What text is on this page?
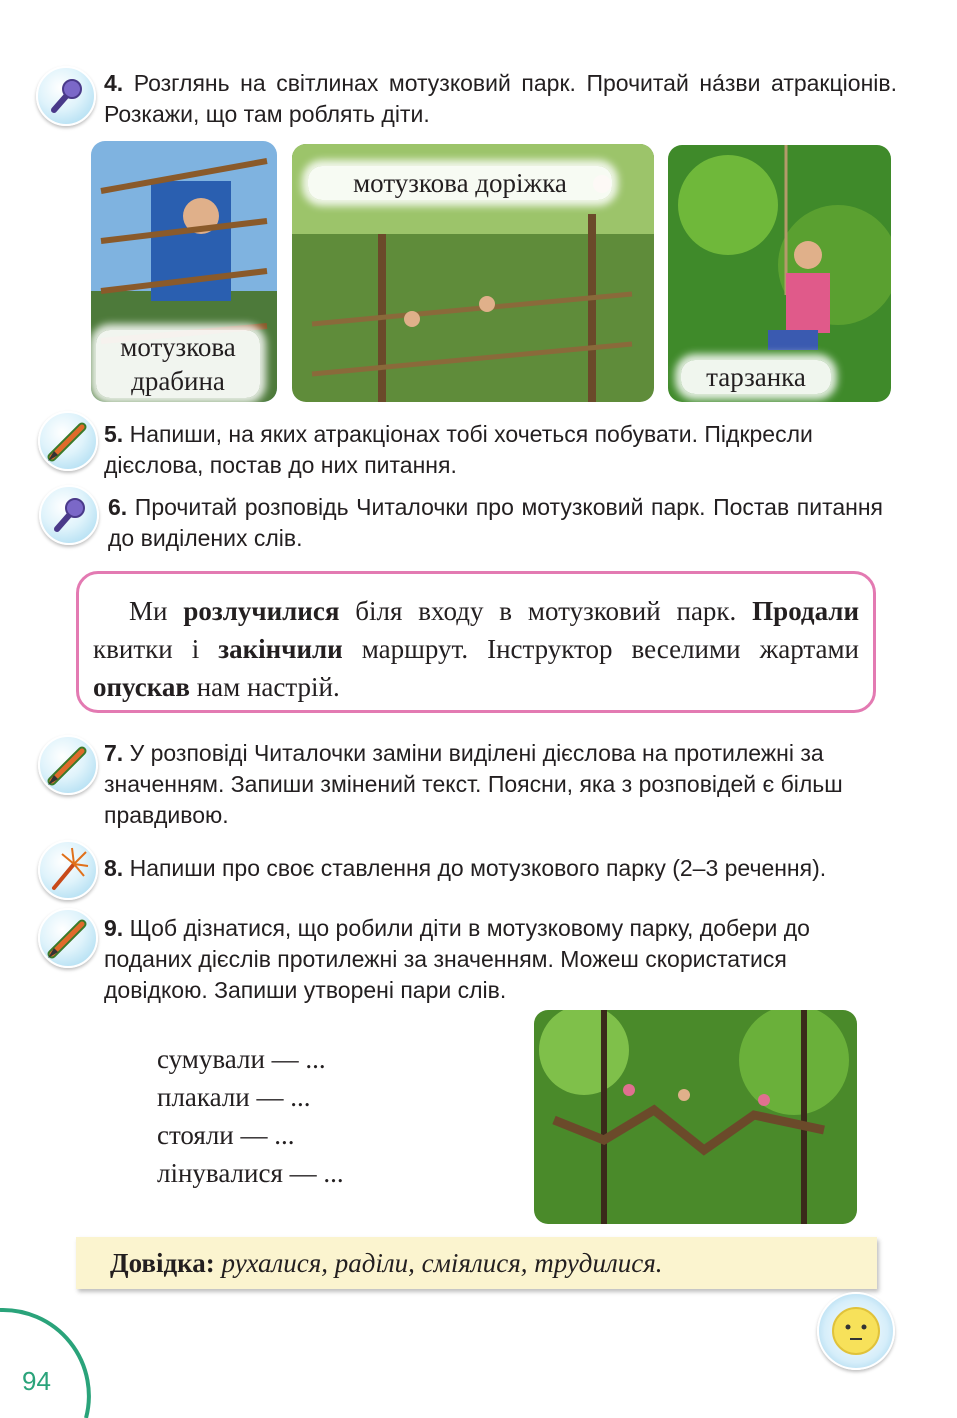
4. Розглянь на світлинах мотузковий парк. Прочитай на́зви атракціонів. Розкажи, що там роблять діти.
мотузкова
драбина
мотузкова доріжка
тарзанка
5. Напиши, на яких атракціонах тобі хочеться побувати. Підкресли дієслова, постав до них питання.
6. Прочитай розповідь Читалочки про мотузковий парк. Постав питання до виділених слів.
Ми розлучилися біля входу в мотузковий парк. Продали квитки і закінчили маршрут. Інструктор веселими жартами опускав нам настрій.
7. У розповіді Читалочки заміни виділені дієслова на протилежні за значенням. Запиши змінений текст. Поясни, яка з розповідей є більш правдивою.
8. Напиши про своє ставлення до мотузкового парку (2–3 речення).
9. Щоб дізнатися, що робили діти в мотузковому парку, добери до поданих дієслів протилежні за значенням. Можеш скористатися довідкою. Запиши утворені пари слів.
сумували — ...
плакали — ...
стояли — ...
лінувалися — ...
Довідка: рухалися, раділи, сміялися, трудилися.
94
